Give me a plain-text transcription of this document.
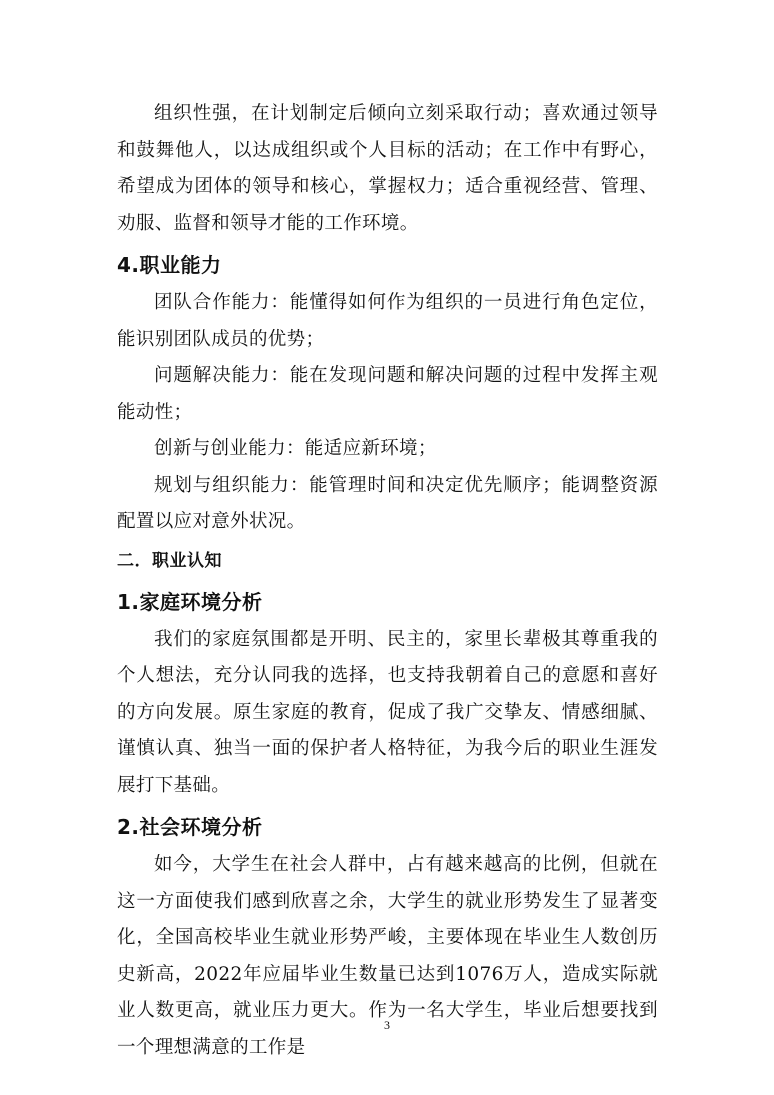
组织性强，在计划制定后倾向立刻采取行动；喜欢通过领导和鼓舞他人，以达成组织或个人目标的活动；在工作中有野心，希望成为团体的领导和核心，掌握权力；适合重视经营、管理、劝服、监督和领导才能的工作环境。

4.职业能力

团队合作能力：能懂得如何作为组织的一员进行角色定位，能识别团队成员的优势；

问题解决能力：能在发现问题和解决问题的过程中发挥主观能动性；

创新与创业能力：能适应新环境；

规划与组织能力：能管理时间和决定优先顺序；能调整资源配置以应对意外状况。

二．职业认知
1.家庭环境分析

我们的家庭氛围都是开明、民主的，家里长辈极其尊重我的个人想法，充分认同我的选择，也支持我朝着自己的意愿和喜好的方向发展。原生家庭的教育，促成了我广交挚友、情感细腻、谨慎认真、独当一面的保护者人格特征，为我今后的职业生涯发展打下基础。

2.社会环境分析

如今，大学生在社会人群中，占有越来越高的比例，但就在这一方面使我们感到欣喜之余，大学生的就业形势发生了显著变化，全国高校毕业生就业形势严峻，主要体现在毕业生人数创历史新高，2022年应届毕业生数量已达到1076万人，造成实际就业人数更高，就业压力更大。作为一名大学生，毕业后想要找到一个理想满意的工作是

3
